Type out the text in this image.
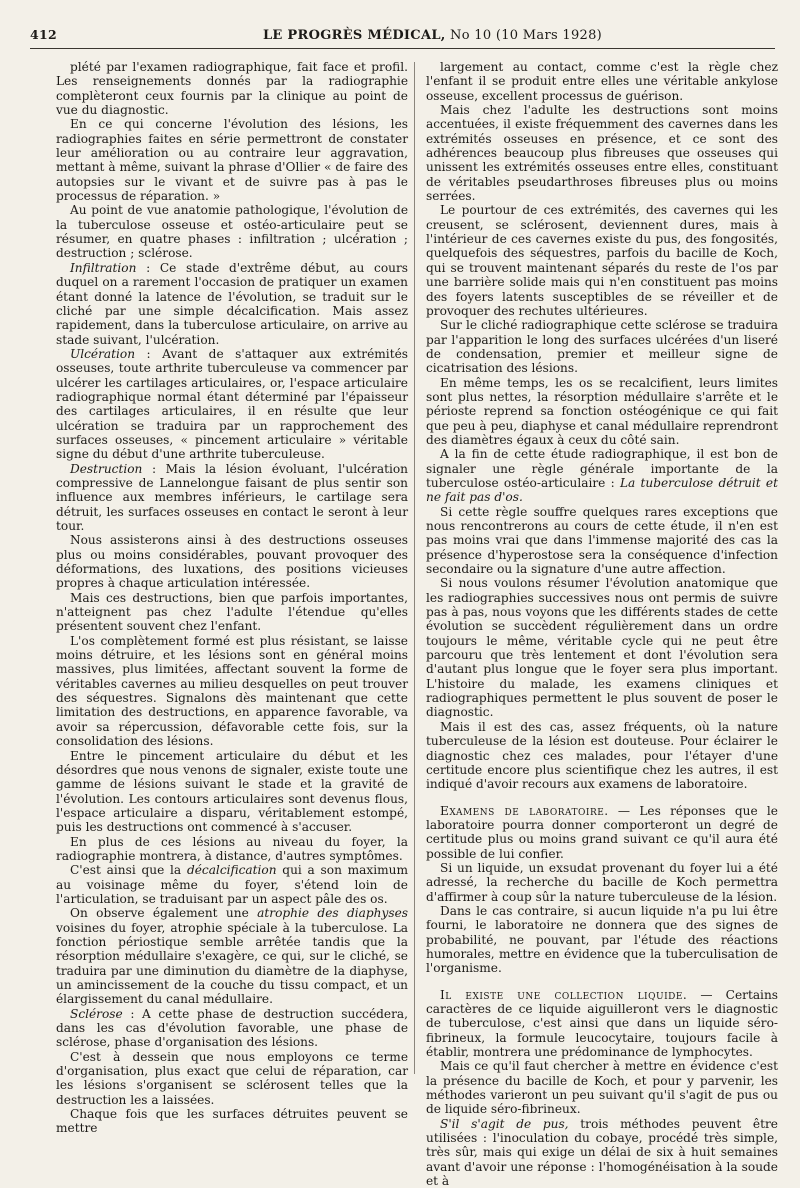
412	LE PROGRÈS MÉDICAL, No 10 (10 Mars 1928)

plété par l'examen radiographique, fait face et profil. Les renseignements donnés par la radiographie complèteront ceux fournis par la clinique au point de vue du diagnostic.

En ce qui concerne l'évolution des lésions, les radiographies faites en série permettront de constater leur amélioration ou au contraire leur aggravation, mettant à même, suivant la phrase d'Ollier « de faire des autopsies sur le vivant et de suivre pas à pas le processus de réparation. »

Au point de vue anatomie pathologique, l'évolution de la tuberculose osseuse et ostéo-articulaire peut se résumer, en quatre phases : infiltration ; ulcération ; destruction ; sclérose.

Infiltration : Ce stade d'extrême début, au cours duquel on a rarement l'occasion de pratiquer un examen étant donné la latence de l'évolution, se traduit sur le cliché par une simple décalcification. Mais assez rapidement, dans la tuberculose articulaire, on arrive au stade suivant, l'ulcération.

Ulcération : Avant de s'attaquer aux extrémités osseuses, toute arthrite tuberculeuse va commencer par ulcérer les cartilages articulaires, or, l'espace articulaire radiographique normal étant déterminé par l'épaisseur des cartilages articulaires, il en résulte que leur ulcération se traduira par un rapprochement des surfaces osseuses, « pincement articulaire » véritable signe du début d'une arthrite tuberculeuse.

Destruction : Mais la lésion évoluant, l'ulcération compressive de Lannelongue faisant de plus sentir son influence aux membres inférieurs, le cartilage sera détruit, les surfaces osseuses en contact le seront à leur tour.

Nous assisterons ainsi à des destructions osseuses plus ou moins considérables, pouvant provoquer des déformations, des luxations, des positions vicieuses propres à chaque articulation intéressée.

Mais ces destructions, bien que parfois importantes, n'atteignent pas chez l'adulte l'étendue qu'elles présentent souvent chez l'enfant.

L'os complètement formé est plus résistant, se laisse moins détruire, et les lésions sont en général moins massives, plus limitées, affectant souvent la forme de véritables cavernes au milieu desquelles on peut trouver des séquestres. Signalons dès maintenant que cette limitation des destructions, en apparence favorable, va avoir sa répercussion, défavorable cette fois, sur la consolidation des lésions.

Entre le pincement articulaire du début et les désordres que nous venons de signaler, existe toute une gamme de lésions suivant le stade et la gravité de l'évolution. Les contours articulaires sont devenus flous, l'espace articulaire a disparu, véritablement estompé, puis les destructions ont commencé à s'accuser.

En plus de ces lésions au niveau du foyer, la radiographie montrera, à distance, d'autres symptômes.

C'est ainsi que la décalcification qui a son maximum au voisinage même du foyer, s'étend loin de l'articulation, se traduisant par un aspect pâle des os.

On observe également une atrophie des diaphyses voisines du foyer, atrophie spéciale à la tuberculose. La fonction périostique semble arrêtée tandis que la résorption médullaire s'exagère, ce qui, sur le cliché, se traduira par une diminution du diamètre de la diaphyse, un amincissement de la couche du tissu compact, et un élargissement du canal médullaire.

Sclérose : A cette phase de destruction succédera, dans les cas d'évolution favorable, une phase de sclérose, phase d'organisation des lésions.

C'est à dessein que nous employons ce terme d'organisation, plus exact que celui de réparation, car les lésions s'organisent se sclérosent telles que la destruction les a laissées.

Chaque fois que les surfaces détruites peuvent se mettre

largement au contact, comme c'est la règle chez l'enfant il se produit entre elles une véritable ankylose osseuse, excellent processus de guérison.

Mais chez l'adulte les destructions sont moins accentuées, il existe fréquemment des cavernes dans les extrémités osseuses en présence, et ce sont des adhérences beaucoup plus fibreuses que osseuses qui unissent les extrémités osseuses entre elles, constituant de véritables pseudarthroses fibreuses plus ou moins serrées.

Le pourtour de ces extrémités, des cavernes qui les creusent, se sclérosent, deviennent dures, mais à l'intérieur de ces cavernes existe du pus, des fongosités, quelquefois des séquestres, parfois du bacille de Koch, qui se trouvent maintenant séparés du reste de l'os par une barrière solide mais qui n'en constituent pas moins des foyers latents susceptibles de se réveiller et de provoquer des rechutes ultérieures.

Sur le cliché radiographique cette sclérose se traduira par l'apparition le long des surfaces ulcérées d'un liseré de condensation, premier et meilleur signe de cicatrisation des lésions.

En même temps, les os se recalcifient, leurs limites sont plus nettes, la résorption médullaire s'arrête et le périoste reprend sa fonction ostéogénique ce qui fait que peu à peu, diaphyse et canal médullaire reprendront des diamètres égaux à ceux du côté sain.

A la fin de cette étude radiographique, il est bon de signaler une règle générale importante de la tuberculose ostéo-articulaire : La tuberculose détruit et ne fait pas d'os.

Si cette règle souffre quelques rares exceptions que nous rencontrerons au cours de cette étude, il n'en est pas moins vrai que dans l'immense majorité des cas la présence d'hyperostose sera la conséquence d'infection secondaire ou la signature d'une autre affection.

Si nous voulons résumer l'évolution anatomique que les radiographies successives nous ont permis de suivre pas à pas, nous voyons que les différents stades de cette évolution se succèdent régulièrement dans un ordre toujours le même, véritable cycle qui ne peut être parcouru que très lentement et dont l'évolution sera d'autant plus longue que le foyer sera plus important. L'histoire du malade, les examens cliniques et radiographiques permettent le plus souvent de poser le diagnostic.

Mais il est des cas, assez fréquents, où la nature tuberculeuse de la lésion est douteuse. Pour éclairer le diagnostic chez ces malades, pour l'étayer d'une certitude encore plus scientifique chez les autres, il est indiqué d'avoir recours aux examens de laboratoire.

Examens de laboratoire. — Les réponses que le laboratoire pourra donner comporteront un degré de certitude plus ou moins grand suivant ce qu'il aura été possible de lui confier.

Si un liquide, un exsudat provenant du foyer lui a été adressé, la recherche du bacille de Koch permettra d'affirmer à coup sûr la nature tuberculeuse de la lésion.

Dans le cas contraire, si aucun liquide n'a pu lui être fourni, le laboratoire ne donnera que des signes de probabilité, ne pouvant, par l'étude des réactions humorales, mettre en évidence que la tuberculisation de l'organisme.

Il existe une collection liquide. — Certains caractères de ce liquide aiguilleront vers le diagnostic de tuberculose, c'est ainsi que dans un liquide séro-fibrineux, la formule leucocytaire, toujours facile à établir, montrera une prédominance de lymphocytes.

Mais ce qu'il faut chercher à mettre en évidence c'est la présence du bacille de Koch, et pour y parvenir, les méthodes varieront un peu suivant qu'il s'agit de pus ou de liquide séro-fibrineux.

S'il s'agit de pus, trois méthodes peuvent être utilisées : l'inoculation du cobaye, procédé très simple, très sûr, mais qui exige un délai de six à huit semaines avant d'avoir une réponse : l'homogénéisation à la soude et à
